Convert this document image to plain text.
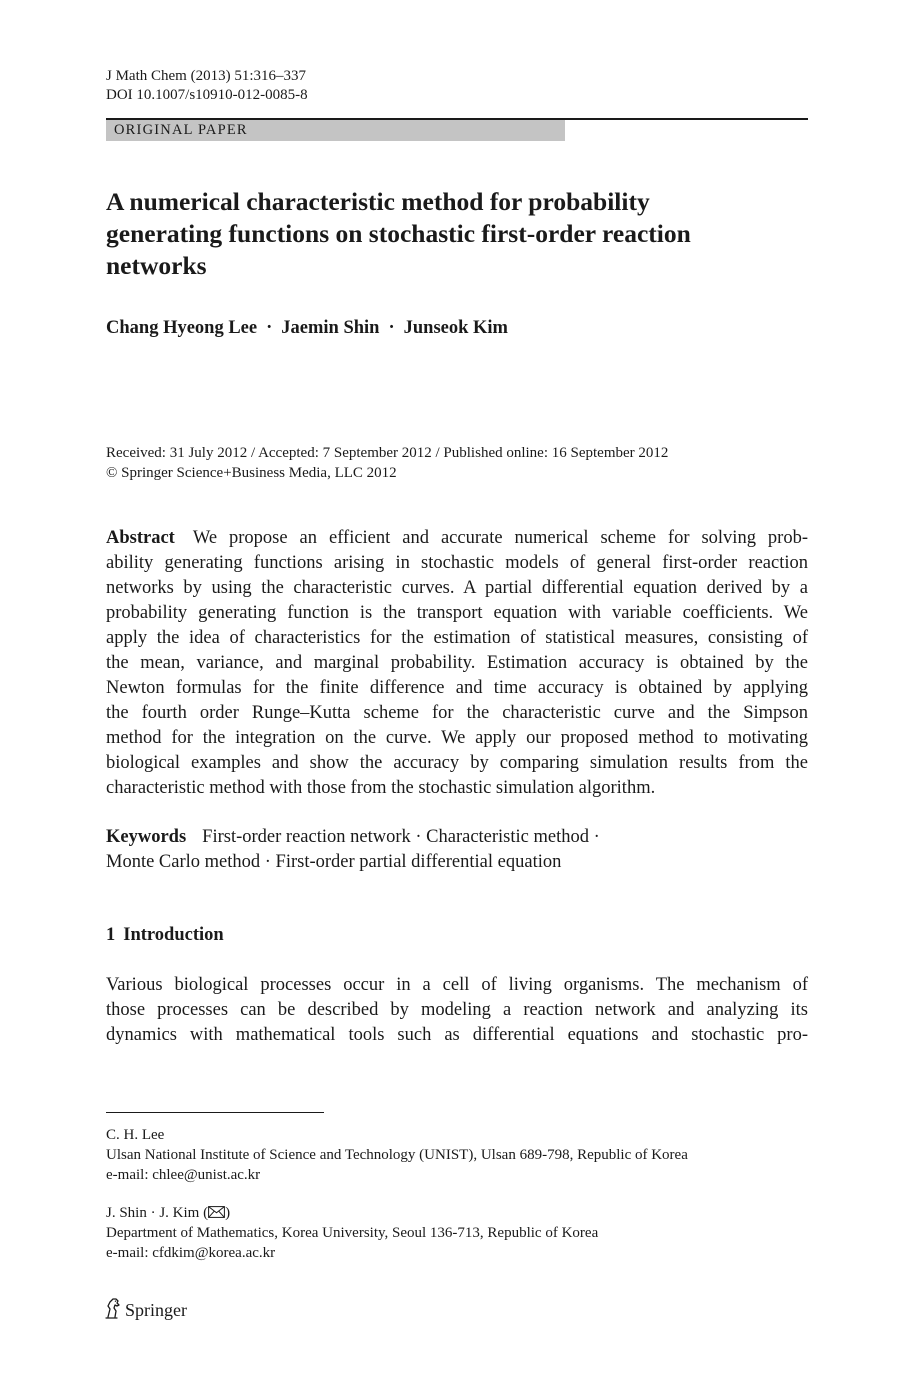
J Math Chem (2013) 51:316–337
DOI 10.1007/s10910-012-0085-8
ORIGINAL PAPER
A numerical characteristic method for probability
generating functions on stochastic first-order reaction
networks
Chang Hyeong Lee · Jaemin Shin · Junseok Kim
Received: 31 July 2012 / Accepted: 7 September 2012 / Published online: 16 September 2012
© Springer Science+Business Media, LLC 2012
Abstract We propose an efficient and accurate numerical scheme for solving prob-
ability generating functions arising in stochastic models of general first-order reaction
networks by using the characteristic curves. A partial differential equation derived by a
probability generating function is the transport equation with variable coefficients. We
apply the idea of characteristics for the estimation of statistical measures, consisting of
the mean, variance, and marginal probability. Estimation accuracy is obtained by the
Newton formulas for the finite difference and time accuracy is obtained by applying
the fourth order Runge–Kutta scheme for the characteristic curve and the Simpson
method for the integration on the curve. We apply our proposed method to motivating
biological examples and show the accuracy by comparing simulation results from the
characteristic method with those from the stochastic simulation algorithm.
Keywords First-order reaction network · Characteristic method ·
Monte Carlo method · First-order partial differential equation
1 Introduction
Various biological processes occur in a cell of living organisms. The mechanism of
those processes can be described by modeling a reaction network and analyzing its
dynamics with mathematical tools such as differential equations and stochastic pro-
C. H. Lee
Ulsan National Institute of Science and Technology (UNIST), Ulsan 689-798, Republic of Korea
e-mail: chlee@unist.ac.kr
J. Shin · J. Kim ( )
Department of Mathematics, Korea University, Seoul 136-713, Republic of Korea
e-mail: cfdkim@korea.ac.kr
Springer
